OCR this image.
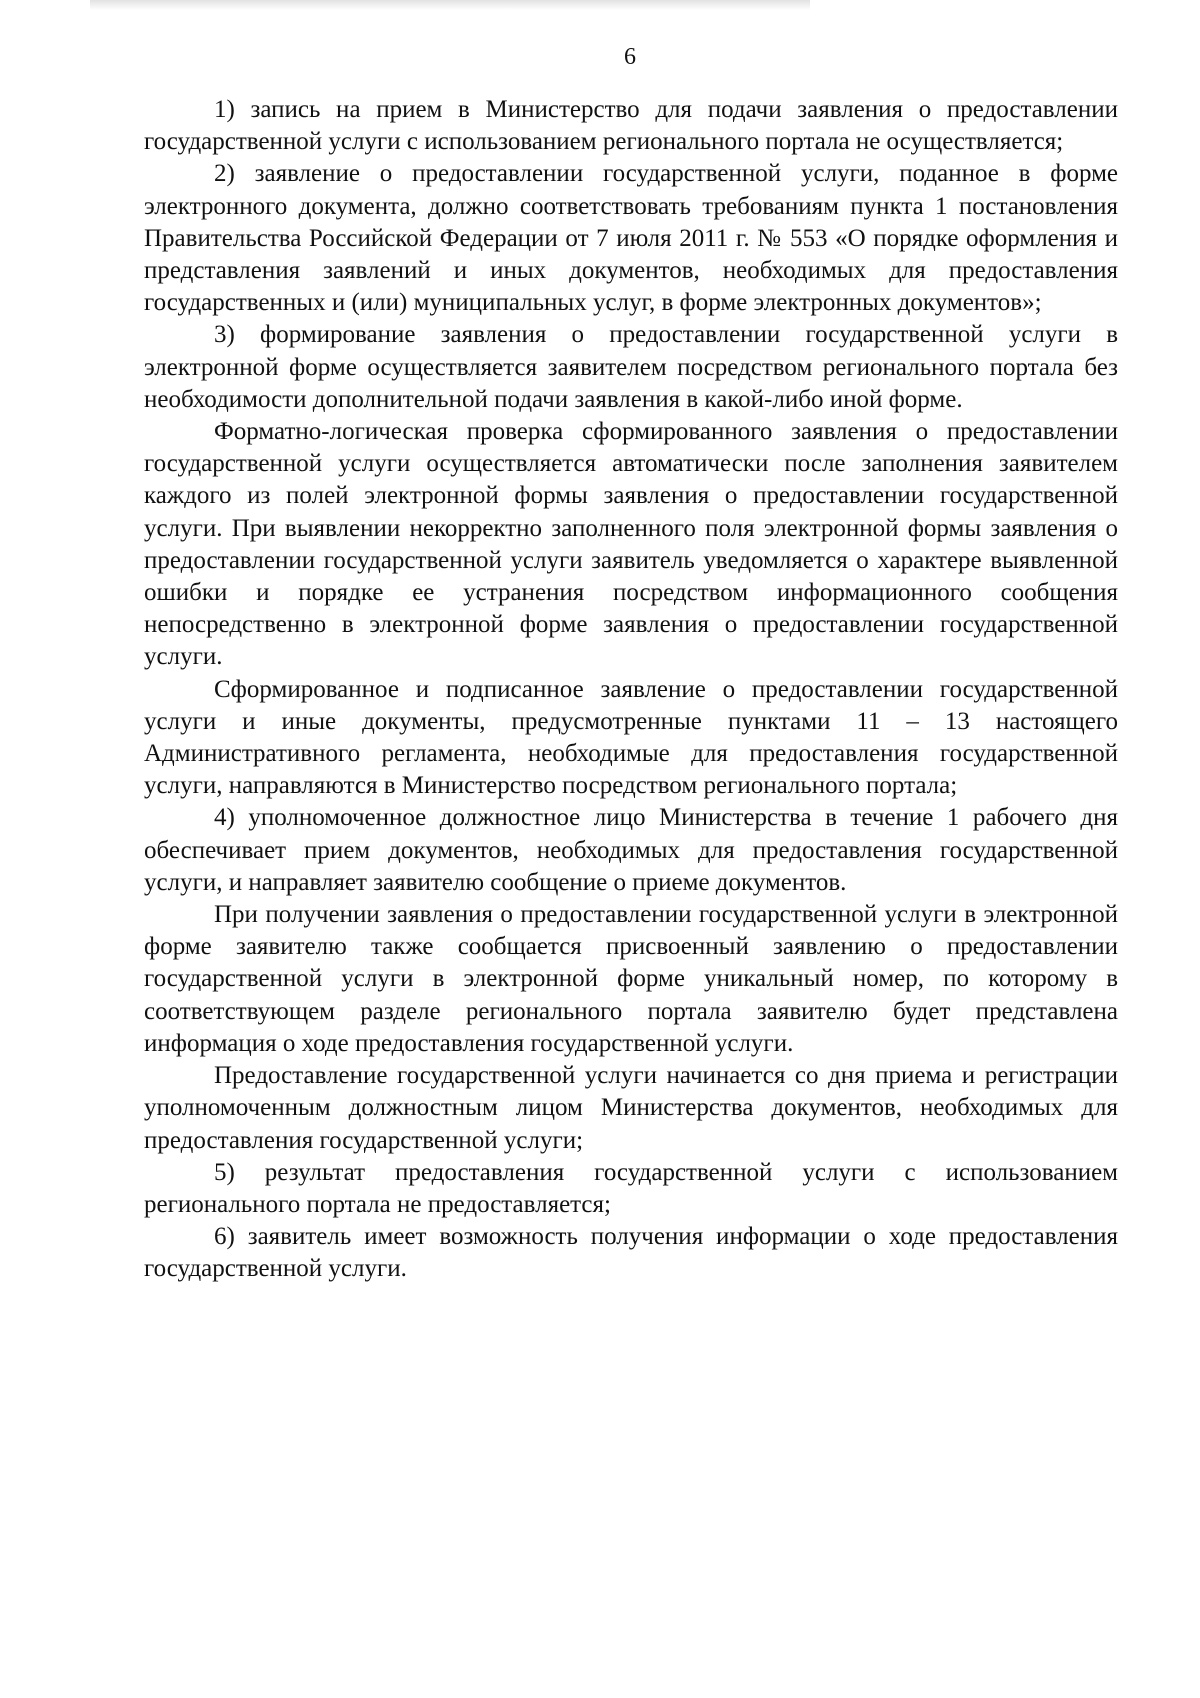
6

1) запись на прием в Министерство для подачи заявления о предоставлении государственной услуги с использованием регионального портала не осуществляется;

2) заявление о предоставлении государственной услуги, поданное в форме электронного документа, должно соответствовать требованиям пункта 1 постановления Правительства Российской Федерации от 7 июля 2011 г. № 553 «О порядке оформления и представления заявлений и иных документов, необходимых для предоставления государственных и (или) муниципальных услуг, в форме электронных документов»;

3) формирование заявления о предоставлении государственной услуги в электронной форме осуществляется заявителем посредством регионального портала без необходимости дополнительной подачи заявления в какой-либо иной форме.

Форматно-логическая проверка сформированного заявления о предоставлении государственной услуги осуществляется автоматически после заполнения заявителем каждого из полей электронной формы заявления о предоставлении государственной услуги. При выявлении некорректно заполненного поля электронной формы заявления о предоставлении государственной услуги заявитель уведомляется о характере выявленной ошибки и порядке ее устранения посредством информационного сообщения непосредственно в электронной форме заявления о предоставлении государственной услуги.

Сформированное и подписанное заявление о предоставлении государственной услуги и иные документы, предусмотренные пунктами 11 – 13 настоящего Административного регламента, необходимые для предоставления государственной услуги, направляются в Министерство посредством регионального портала;

4) уполномоченное должностное лицо Министерства в течение 1 рабочего дня обеспечивает прием документов, необходимых для предоставления государственной услуги, и направляет заявителю сообщение о приеме документов.

При получении заявления о предоставлении государственной услуги в электронной форме заявителю также сообщается присвоенный заявлению о предоставлении государственной услуги в электронной форме уникальный номер, по которому в соответствующем разделе регионального портала заявителю будет представлена информация о ходе предоставления государственной услуги.

Предоставление государственной услуги начинается со дня приема и регистрации уполномоченным должностным лицом Министерства документов, необходимых для предоставления государственной услуги;

5) результат предоставления государственной услуги с использованием регионального портала не предоставляется;

6) заявитель имеет возможность получения информации о ходе предоставления государственной услуги.
